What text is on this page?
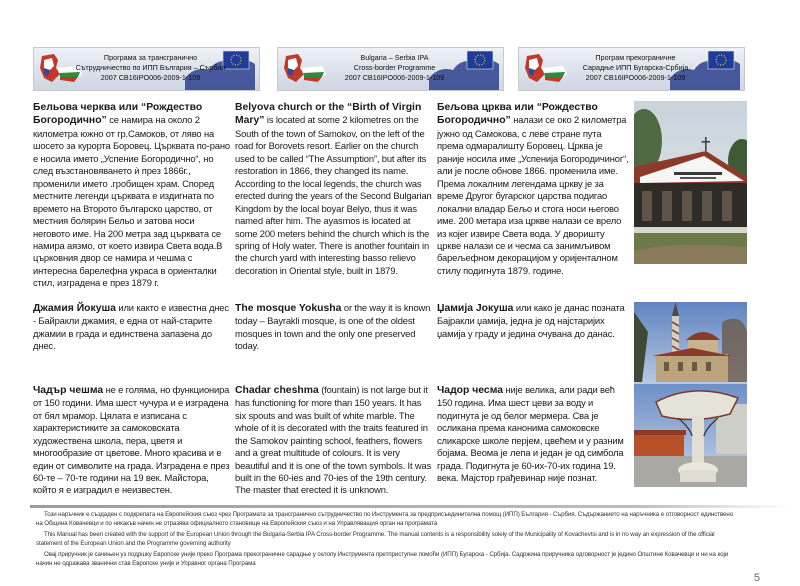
Програма за трансгранично
Сътрудничество по ИПП България – Сърбия
2007 CB16IPO006-2009-1-109
Bulgaria – Serbia IPA
Cross-border Programme
2007 CB16IPO006-2009-1-109
Програм прекограничне
Сарадње ИПП Бугарска-Србија
2007 CB16IPO006-2009-1-109

Бельова черква или “Рождество Богородично” се намира на около 2 километра южно от гр.Самоков, от ляво на шосето за курорта Боровец. Църквата по-рано е носила името „Успение Богородично“, но след възстановяването ѝ през 1866г., променили името .гробищен храм. Според местните легенди църквата е издигната по времето на Второто българско царство, от местния болярин Бельо и затова носи неговото име. На 200 метра зад църквата се намира аязмо, от което извира Света вода.В църковния двор се намира и чешма с интересна барелефна украса в ориенталки стил, изградена е през 1879 г.

Belyova church or the “Birth of Virgin Mary” is located at some 2 kilometres on the South of the town of Samokov, on the left of the road for Borovets resort. Earlier on the church used to be called “The Assumption”, but after its restoration in 1866, they changed its name. According to the local legends, the church was erected during the years of the Second Bulgarian Kingdom by the local boyar Belyo, thus it was named after him. The ayasmos is located at some 200 meters behind the church which is the spring of Holy water. There is another fountain in the church yard with interesting basso relievo decoration in Oriental style, built in 1879.

Бељова црква или “Рождество Богородично” налази се око 2 километра јужно од Самокова, с леве стране пута према одмаралишту Боровец. Црква је раније носила име „Успенија Богородичиног“, али је после обнове 1866. променила име. Према локалним легендама цркву је за време Другог бугарског царства подигао локални владар Бељо и стога носи његово име. 200 метара иза цркве налази се врело из којег извире Света вода. У дворишту цркве налази се и чесма са занимљивом барељефном декорацијом у оријенталном стилу подигнута 1879. године.

Джамия Йокуша или както е известна днес - Байракли джамия, е една от най-старите джамии в града и единствена запазена до днес.

The mosque Yokusha or the way it is known today – Bayrakli mosque, is one of the oldest mosques in town and the only one preserved today.

Џамија Јокуша или како је данас позната Бајракли џамија, једна је од најстаријих џамија у граду и једина очувана до данас.

Чадър чешма не е голяма, но функционира от 150 години. Има шест чучура и е изградена от бял мрамор. Цялата е изписана с характеристиките за самоковската художествена школа, пера, цветя и многообразие от цветове. Много красива и е един от символите на града. Изградена е през 60-те – 70-те години на 19 век. Майстора, който я е изградил е неизвестен.

Chadar cheshma (fountain) is not large but it has functioning for more than 150 years. It has six spouts and was built of white marble. The whole of it is decorated with the traits featured in the Samokov painting school, feathers, flowers and a great multitude of colours. It is very beautiful and it is one of the town symbols. It was built in the 60-ies and 70-ies of the 19th century. The master that erected it is unknown.

Чадор чесма није велика, али ради већ 150 година. Има шест цеви за воду и подигнута је од белог мермера. Сва је осликана према канонима самоковске сликарске школе перјем, цвећем и у разним бојама. Веома је лепа и један је од симбола града. Подигнута је 60-их-70-их година 19. века. Мајстор грађевинар није познат.

Този наръчник е създаден с подкрепата на Европейския съюз чрез Програмата за трансгранично сътрудничество по Инструмента за предприсъединителна помощ (ИПП) България - Сърбия. Съдържанието на наръчника е отговорност единствено на Община Ковачевци и по никакъв начин не отразява официалното становище на Европейския съюз и на Управляващия орган на програмата

This Manual has been created with the support of the European Union through the Bulgaria-Serbia IPA Cross-border Programme. The manual contents is a responsibility solely of the Municipality of Kovachevtsi and is in no way an expression of the official statement of the European Union and the Programme governing authority

Овај приручник је сачињен уз подршку Европске уније преко Програма прекограничне сарадње у склопу Инструмента претприступне помоћи (ИПП) Бугарска - Србија. Садржина приручника одговорност је једино Општине Ковачевци и ни на који начин не одражава званични став Европске уније и Управног органа Програма

5
